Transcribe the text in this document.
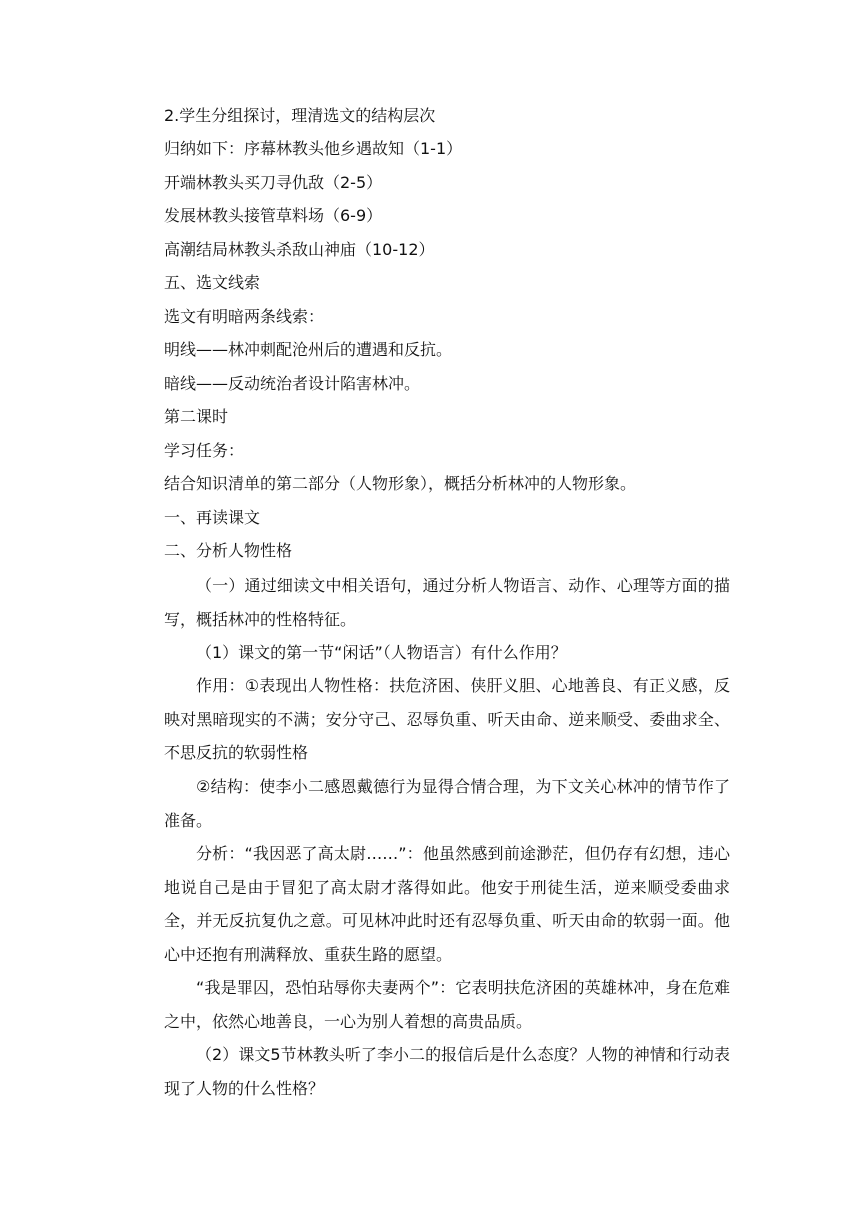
2.学生分组探讨，理清选文的结构层次
归纳如下：序幕林教头他乡遇故知（1-1）
开端林教头买刀寻仇敌（2-5）
发展林教头接管草料场（6-9）
高潮结局林教头杀敌山神庙（10-12）
五、选文线索
选文有明暗两条线索：
明线——林冲刺配沧州后的遭遇和反抗。
暗线——反动统治者设计陷害林冲。
第二课时
学习任务：
结合知识清单的第二部分（人物形象），概括分析林冲的人物形象。
一、再读课文
二、分析人物性格
（一）通过细读文中相关语句，通过分析人物语言、动作、心理等方面的描写，概括林冲的性格特征。
（1）课文的第一节“闲话”（人物语言）有什么作用？
作用：①表现出人物性格：扶危济困、侠肝义胆、心地善良、有正义感，反映对黑暗现实的不满；安分守己、忍辱负重、听天由命、逆来顺受、委曲求全、不思反抗的软弱性格
②结构：使李小二感恩戴德行为显得合情合理，为下文关心林冲的情节作了准备。
分析：“我因恶了高太尉……”：他虽然感到前途渺茫，但仍存有幻想，违心地说自己是由于冒犯了高太尉才落得如此。他安于刑徒生活，逆来顺受委曲求全，并无反抗复仇之意。可见林冲此时还有忍辱负重、听天由命的软弱一面。他心中还抱有刑满释放、重获生路的愿望。
“我是罪囚，恐怕玷辱你夫妻两个”：它表明扶危济困的英雄林冲，身在危难之中，依然心地善良，一心为别人着想的高贵品质。
（2）课文5节林教头听了李小二的报信后是什么态度？人物的神情和行动表现了人物的什么性格？
